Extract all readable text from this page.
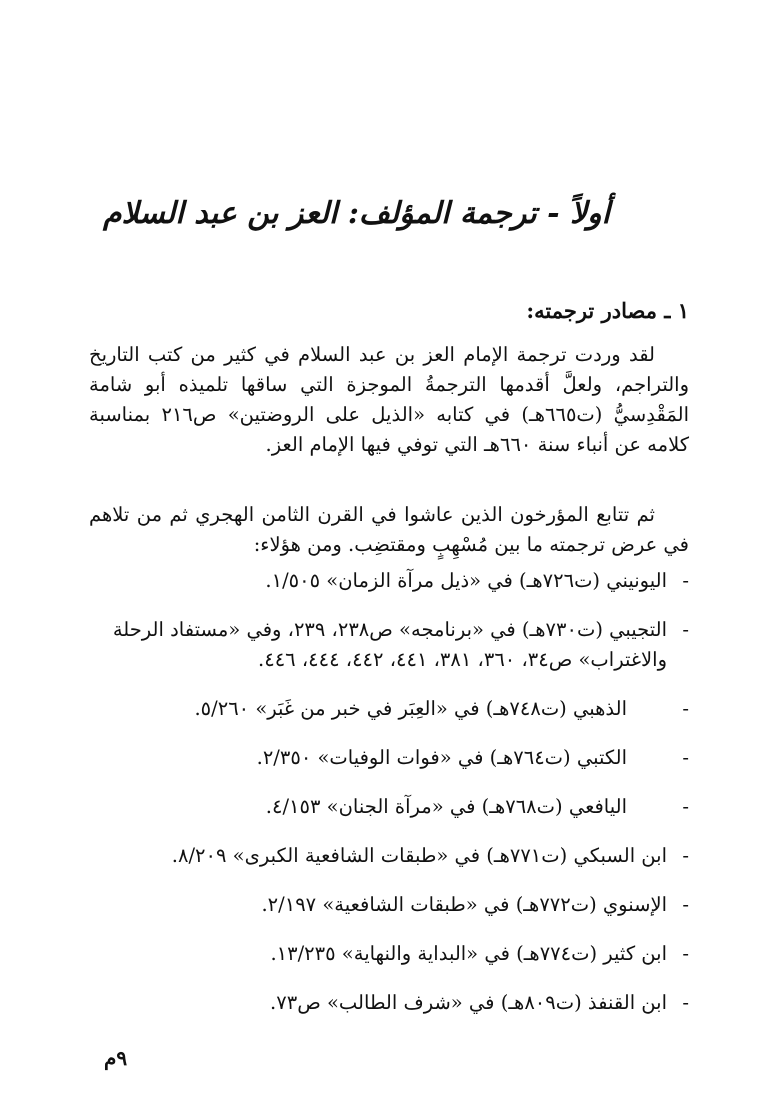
أولاً - ترجمة المؤلف: العز بن عبد السلام
١ ـ مصادر ترجمته:

لقد وردت ترجمة الإمام العز بن عبد السلام في كثير من كتب التاريخ والتراجم، ولعلَّ أقدمها الترجمةُ الموجزة التي ساقها تلميذه أبو شامة المَقْدِسيُّ (ت٦٦٥هـ) في كتابه «الذيل على الروضتين» ص٢١٦ بمناسبة كلامه عن أنباء سنة ٦٦٠هـ التي توفي فيها الإمام العز.

ثم تتابع المؤرخون الذين عاشوا في القرن الثامن الهجري ثم من تلاهم في عرض ترجمته ما بين مُسْهِبٍ ومقتضِب. ومن هؤلاء:

- اليونيني (ت٧٢٦هـ) في «ذيل مرآة الزمان» ١/٥٠٥.
- التجيبي (ت٧٣٠هـ) في «برنامجه» ص٢٣٨، ٢٣٩، وفي «مستفاد الرحلة والاغتراب» ص٣٤، ٣٦٠، ٣٨١، ٤٤١، ٤٤٢، ٤٤٤، ٤٤٦.
- الذهبي (ت٧٤٨هـ) في «العِبَر في خبر من غَبَر» ٥/٢٦٠.
- الكتبي (ت٧٦٤هـ) في «فوات الوفيات» ٢/٣٥٠.
- اليافعي (ت٧٦٨هـ) في «مرآة الجنان» ٤/١٥٣.
- ابن السبكي (ت٧٧١هـ) في «طبقات الشافعية الكبرى» ٨/٢٠٩.
- الإسنوي (ت٧٧٢هـ) في «طبقات الشافعية» ٢/١٩٧.
- ابن كثير (ت٧٧٤هـ) في «البداية والنهاية» ١٣/٢٣٥.
- ابن القنفذ (ت٨٠٩هـ) في «شرف الطالب» ص٧٣.
٩م
